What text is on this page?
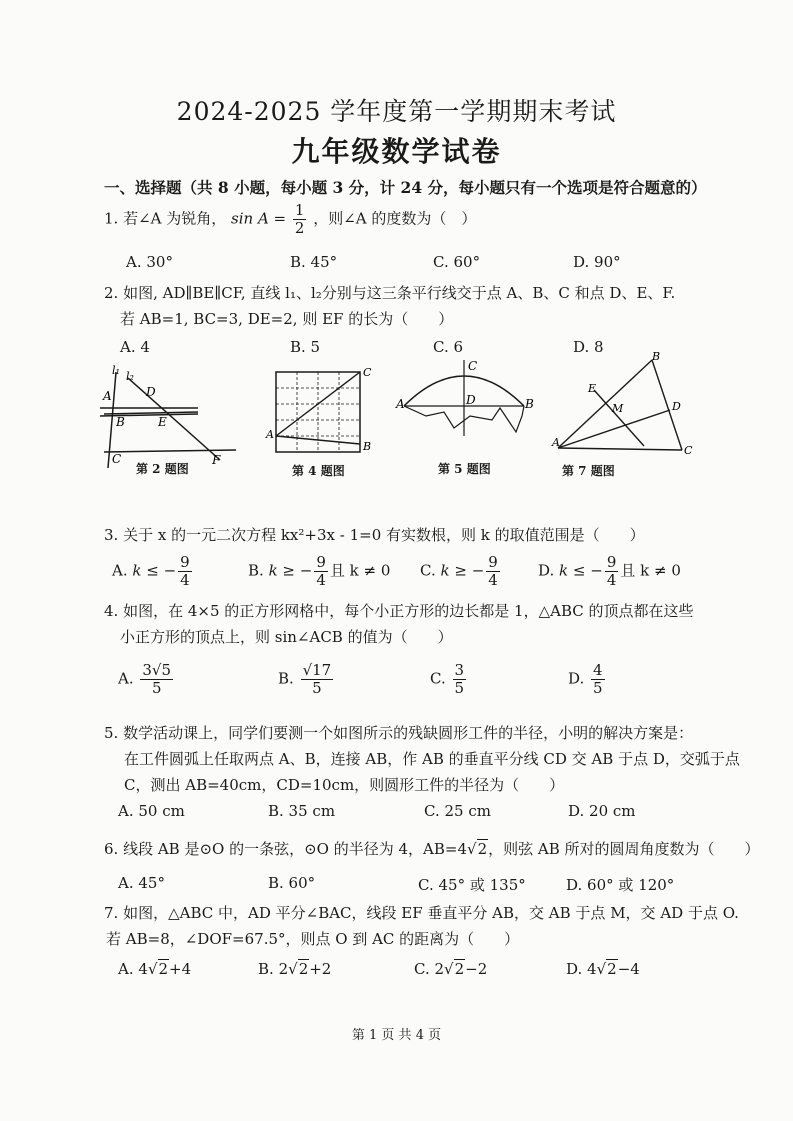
2024-2025 学年度第一学期期末考试
九年级数学试卷
一、选择题（共 8 小题，每小题 3 分，计 24 分，每小题只有一个选项是符合题意的）
1. 若∠A 为锐角， $\sin A = \frac{1}{2}$ ，则∠A 的度数为（　）
A. 30°	B. 45°	C. 60°	D. 90°
2. 如图, AD∥BE∥CF, 直线 l₁、l₂分别与这三条平行线交于点 A、B、C 和点 D、E、F.
若 AB=1, BC=3, DE=2, 则 EF 的长为（　　）
A. 4	B. 5	C. 6	D. 8
l₁ l₂
A	D
B	E
C	F
第 2 题图
A
C
B
第 4 题图
A
C
D	B
第 5 题图
B
E
M	D
A
C
第 7 题图
3. 关于 x 的一元二次方程 kx²+3x - 1=0 有实数根，则 k 的取值范围是（　　）
A. k ≤ − $\frac{9}{4}$	B. k ≥ − $\frac{9}{4}$ 且 k ≠ 0 C. k ≥ − $\frac{9}{4}$	D. k ≤ − $\frac{9}{4}$ 且 k ≠ 0
4. 如图，在 4×5 的正方形网格中，每个小正方形的边长都是 1，△ABC 的顶点都在这些
小正方形的顶点上，则 sin∠ACB 的值为（　　）
A. $\frac{3√5}{5}$	B. $\frac{√17}{5}$	C. $\frac{3}{5}$	D. $\frac{4}{5}$
5. 数学活动课上，同学们要测一个如图所示的残缺圆形工件的半径，小明的解决方案是：
在工件圆弧上任取两点 A、B，连接 AB，作 AB 的垂直平分线 CD 交 AB 于点 D，交弧于点
C，测出 AB=40cm，CD=10cm，则圆形工件的半径为（　　）
A. 50 cm	B. 35 cm	C. 25 cm	D. 20 cm
6. 线段 AB 是⊙O 的一条弦，⊙O 的半径为 4，AB=4√2，则弦 AB 所对的圆周角度数为（　　）
A. 45°	B. 60°	C. 45° 或 135°	D. 60° 或 120°
7. 如图，△ABC 中，AD 平分∠BAC，线段 EF 垂直平分 AB，交 AB 于点 M，交 AD 于点 O.
若 AB=8，∠DOF=67.5°，则点 O 到 AC 的距离为（　　）
A. 4√2+4	B. 2√2+2	C. 2√2−2	D. 4√2−4
第 1 页 共 4 页
